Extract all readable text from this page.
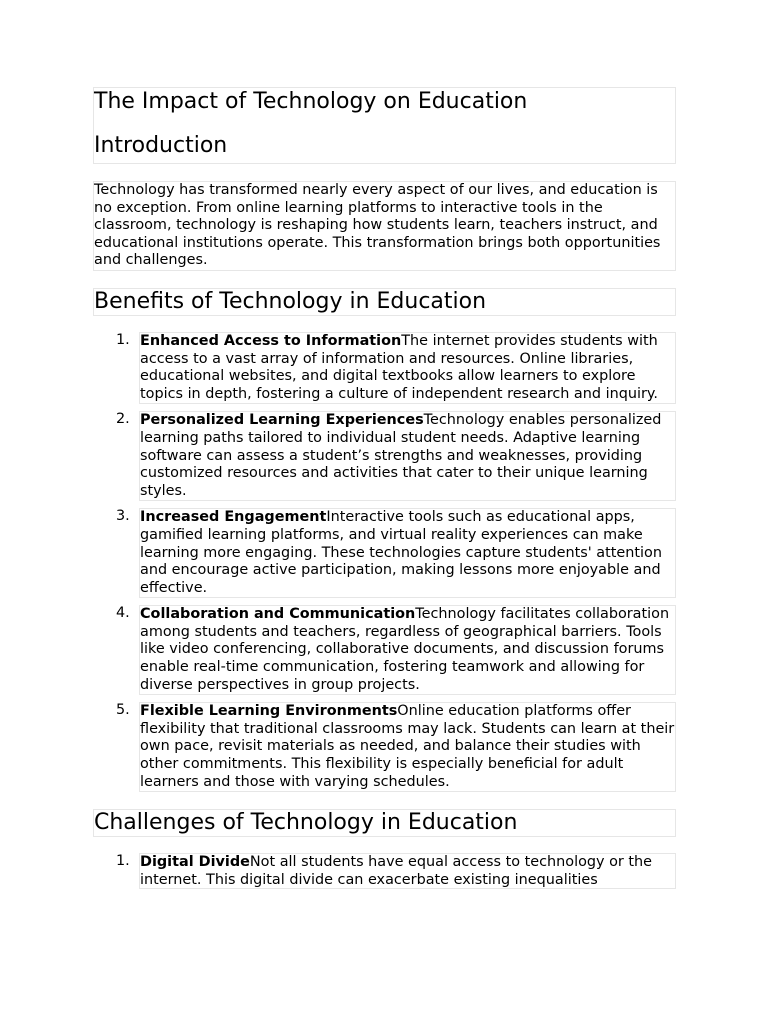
The Impact of Technology on Education
Introduction
Technology has transformed nearly every aspect of our lives, and education is no exception. From online learning platforms to interactive tools in the classroom, technology is reshaping how students learn, teachers instruct, and educational institutions operate. This transformation brings both opportunities and challenges.
Benefits of Technology in Education
1. Enhanced Access to InformationThe internet provides students with access to a vast array of information and resources. Online libraries, educational websites, and digital textbooks allow learners to explore topics in depth, fostering a culture of independent research and inquiry.
2. Personalized Learning ExperiencesTechnology enables personalized learning paths tailored to individual student needs. Adaptive learning software can assess a student’s strengths and weaknesses, providing customized resources and activities that cater to their unique learning styles.
3. Increased EngagementInteractive tools such as educational apps, gamified learning platforms, and virtual reality experiences can make learning more engaging. These technologies capture students' attention and encourage active participation, making lessons more enjoyable and effective.
4. Collaboration and CommunicationTechnology facilitates collaboration among students and teachers, regardless of geographical barriers. Tools like video conferencing, collaborative documents, and discussion forums enable real-time communication, fostering teamwork and allowing for diverse perspectives in group projects.
5. Flexible Learning EnvironmentsOnline education platforms offer flexibility that traditional classrooms may lack. Students can learn at their own pace, revisit materials as needed, and balance their studies with other commitments. This flexibility is especially beneficial for adult learners and those with varying schedules.
Challenges of Technology in Education
1. Digital DivideNot all students have equal access to technology or the internet. This digital divide can exacerbate existing inequalities
